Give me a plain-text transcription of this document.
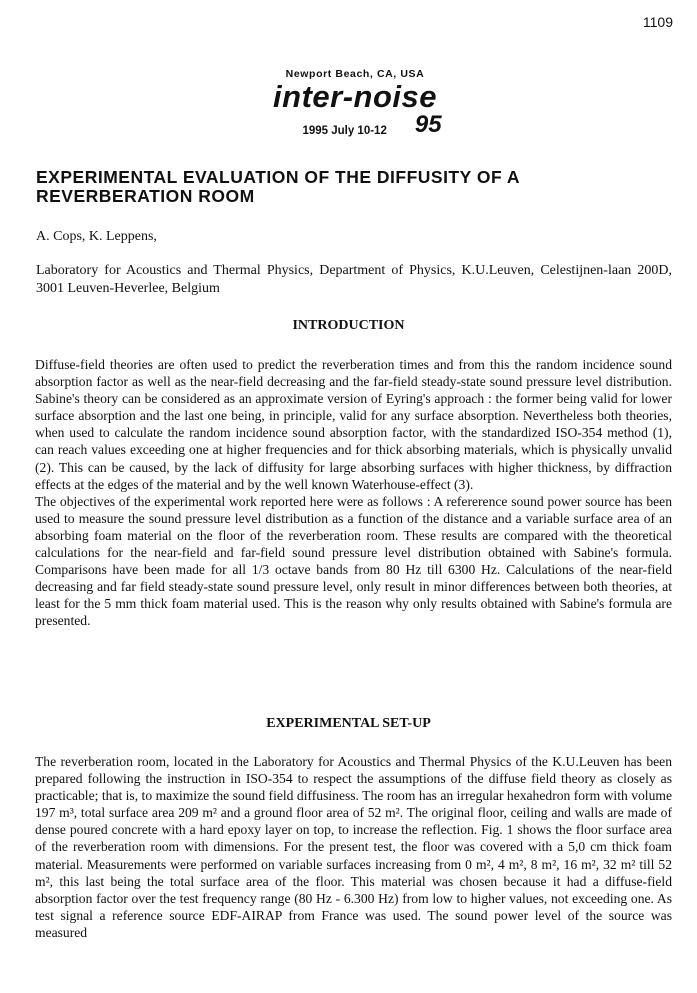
1109
Newport Beach, CA, USA
inter-noise
1995 July 10-12 95
EXPERIMENTAL EVALUATION OF THE DIFFUSITY OF A REVERBERATION ROOM
A. Cops, K. Leppens,
Laboratory for Acoustics and Thermal Physics, Department of Physics, K.U.Leuven, Celestijnen-laan 200D, 3001 Leuven-Heverlee, Belgium
INTRODUCTION

Diffuse-field theories are often used to predict the reverberation times and from this the random incidence sound absorption factor as well as the near-field decreasing and the far-field steady-state sound pressure level distribution. Sabine's theory can be considered as an approximate version of Eyring's approach : the former being valid for lower surface absorption and the last one being, in principle, valid for any surface absorption. Nevertheless both theories, when used to calculate the random incidence sound absorption factor, with the standardized ISO-354 method (1), can reach values exceeding one at higher frequencies and for thick absorbing materials, which is physically unvalid (2). This can be caused, by the lack of diffusity for large absorbing surfaces with higher thickness, by diffraction effects at the edges of the material and by the well known Waterhouse-effect (3).

The objectives of the experimental work reported here were as follows : A refererence sound power source has been used to measure the sound pressure level distribution as a function of the distance and a variable surface area of an absorbing foam material on the floor of the reverberation room. These results are compared with the theoretical calculations for the near-field and far-field sound pressure level distribution obtained with Sabine's formula. Comparisons have been made for all 1/3 octave bands from 80 Hz till 6300 Hz. Calculations of the near-field decreasing and far field steady-state sound pressure level, only result in minor differences between both theories, at least for the 5 mm thick foam material used. This is the reason why only results obtained with Sabine's formula are presented.

EXPERIMENTAL SET-UP

The reverberation room, located in the Laboratory for Acoustics and Thermal Physics of the K.U.Leuven has been prepared following the instruction in ISO-354 to respect the assumptions of the diffuse field theory as closely as practicable; that is, to maximize the sound field diffusiness. The room has an irregular hexahedron form with volume 197 m³, total surface area 209 m² and a ground floor area of 52 m². The original floor, ceiling and walls are made of dense poured concrete with a hard epoxy layer on top, to increase the reflection. Fig. 1 shows the floor surface area of the reverberation room with dimensions. For the present test, the floor was covered with a 5,0 cm thick foam material. Measurements were performed on variable surfaces increasing from 0 m², 4 m², 8 m², 16 m², 32 m² till 52 m², this last being the total surface area of the floor. This material was chosen because it had a diffuse-field absorption factor over the test frequency range (80 Hz - 6.300 Hz) from low to higher values, not exceeding one. As test signal a reference source EDF-AIRAP from France was used. The sound power level of the source was measured
